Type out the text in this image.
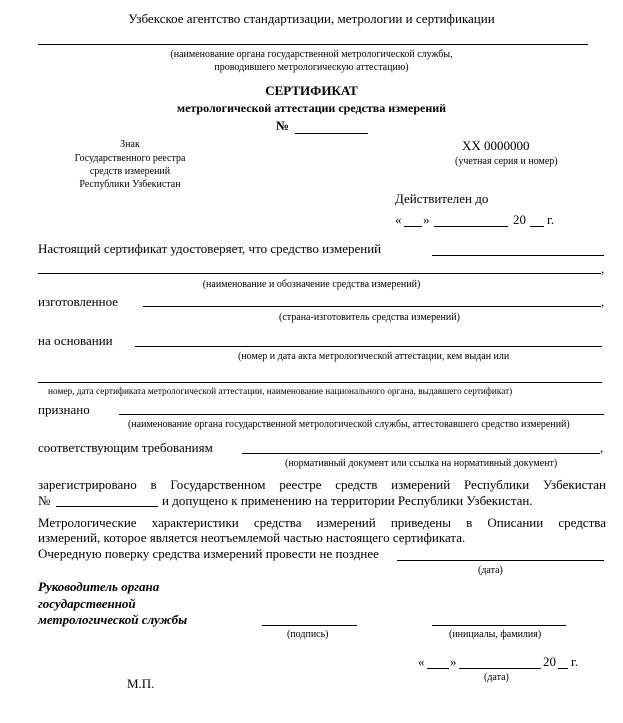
Узбекское агентство стандартизации, метрологии и сертификации
(наименование органа государственной метрологической службы,
проводившего метрологическую аттестацию)
СЕРТИФИКАТ
метрологической аттестации средства измерений
№
Знак
Государственного реестра
средств измерений
Республики Узбекистан
XX 0000000
(учетная серия и номер)
Действителен до
« »	20 г.
Настоящий сертификат удостоверяет, что средство измерений
,
(наименование и обозначение средства измерений)
изготовленное	,
(страна-изготовитель средства измерений)
на основании
(номер и дата акта метрологической аттестации, кем выдан или
номер, дата сертификата метрологической аттестации, наименование национального органа, выдавшего сертификат)
признано
(наименование органа государственной метрологической службы, аттестовавшего средство измерений)
соответствующим требованиям	,
(нормативный документ или ссылка на нормативный документ)
зарегистрировано в Государственном реестре средств измерений Республики Узбекистан
№	и допущено к применению на территории Республики Узбекистан.
Метрологические характеристики средства измерений приведены в Описании средства
измерений, которое является неотъемлемой частью настоящего сертификата.
Очередную поверку средства измерений провести не позднее
(дата)
Руководитель органа
государственной
метрологической службы
(подпись)	(инициалы, фамилия)
« »	20 г.
(дата)
М.П.
